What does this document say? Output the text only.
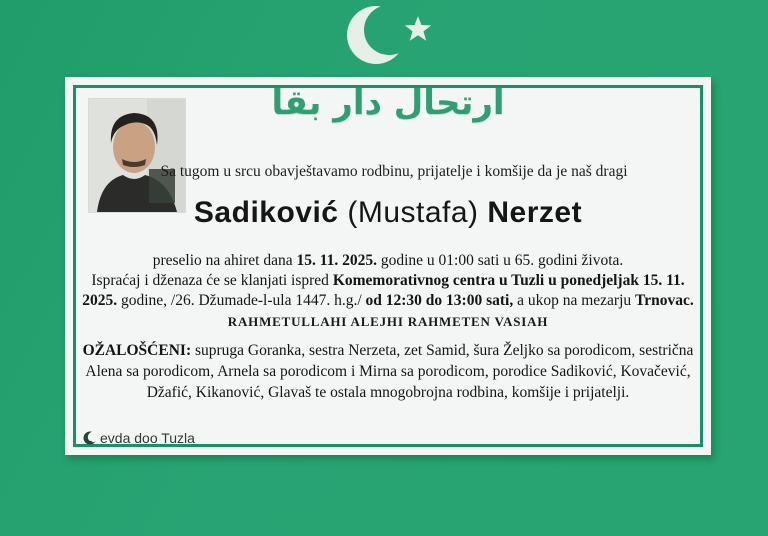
ارتحال دار بقا
Sa tugom u srcu obavještavamo rodbinu, prijatelje i komšije da je naš dragi
Sadiković (Mustafa) Nerzet
preselio na ahiret dana 15. 11. 2025. godine u 01:00 sati u 65. godini života.
Ispraćaj i dženaza će se klanjati ispred Komemorativnog centra u Tuzli u ponedjeljak 15. 11. 2025. godine, /26. Džumade-l-ula 1447. h.g./ od 12:30 do 13:00 sati, a ukop na mezarju Trnovac.
RAHMETULLAHI ALEJHI RAHMETEN VASIAH
OŽALOŠĆENI: supruga Goranka, sestra Nerzeta, zet Samid, šura Željko sa porodicom, sestrična Alena sa porodicom, Arnela sa porodicom i Mirna sa porodicom, porodice Sadiković, Kovačević, Džafić, Kikanović, Glavaš te ostala mnogobrojna rodbina, komšije i prijatelji.
evda doo Tuzla
